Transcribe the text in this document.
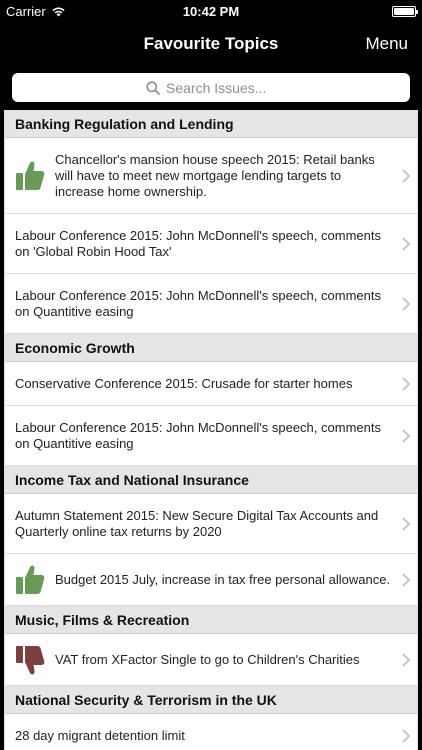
Carrier	10:42 PM
Favourite Topics	Menu
Search Issues...
Banking Regulation and Lending
Chancellor's mansion house speech 2015: Retail banks will have to meet new mortgage lending targets to increase home ownership.
Labour Conference 2015: John McDonnell's speech, comments on 'Global Robin Hood Tax'
Labour Conference 2015: John McDonnell's speech, comments on Quantitive easing
Economic Growth
Conservative Conference 2015: Crusade for starter homes
Labour Conference 2015: John McDonnell's speech, comments on Quantitive easing
Income Tax and National Insurance
Autumn Statement 2015: New Secure Digital Tax Accounts and Quarterly online tax returns by 2020
Budget 2015 July, increase in tax free personal allowance.
Music, Films & Recreation
VAT from XFactor Single to go to Children's Charities
National Security & Terrorism in the UK
28 day migrant detention limit
